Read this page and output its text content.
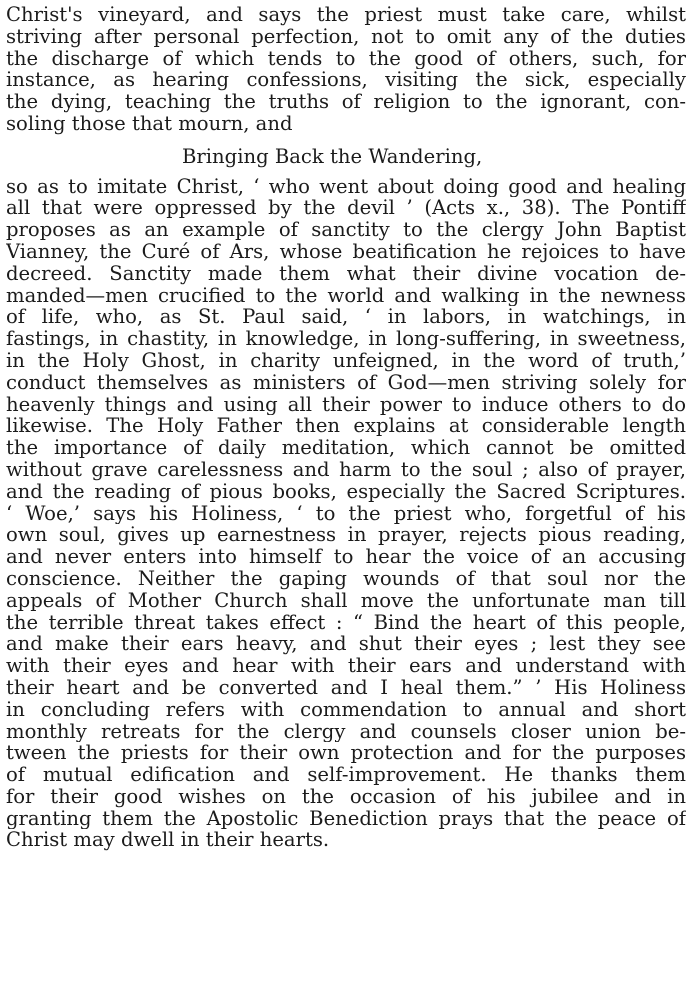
Christ's vineyard, and says the priest must take care, whilst
striving after personal perfection, not to omit any of the duties
the discharge of which tends to the good of others, such, for
instance, as hearing confessions, visiting the sick, especially
the dying, teaching the truths of religion to the ignorant, con-
soling those that mourn, and
Bringing Back the Wandering,
so as to imitate Christ, ‘ who went about doing good and healing
all that were oppressed by the devil ’ (Acts x., 38). The Pontiff
proposes as an example of sanctity to the clergy John Baptist
Vianney, the Curé of Ars, whose beatification he rejoices to have
decreed. Sanctity made them what their divine vocation de-
manded—men crucified to the world and walking in the newness
of life, who, as St. Paul said, ‘ in labors, in watchings, in
fastings, in chastity, in knowledge, in long-suffering, in sweetness,
in the Holy Ghost, in charity unfeigned, in the word of truth,’
conduct themselves as ministers of God—men striving solely for
heavenly things and using all their power to induce others to do
likewise. The Holy Father then explains at considerable length
the importance of daily meditation, which cannot be omitted
without grave carelessness and harm to the soul ; also of prayer,
and the reading of pious books, especially the Sacred Scriptures.
‘ Woe,’ says his Holiness, ‘ to the priest who, forgetful of his
own soul, gives up earnestness in prayer, rejects pious reading,
and never enters into himself to hear the voice of an accusing
conscience. Neither the gaping wounds of that soul nor the
appeals of Mother Church shall move the unfortunate man till
the terrible threat takes effect : “ Bind the heart of this people,
and make their ears heavy, and shut their eyes ; lest they see
with their eyes and hear with their ears and understand with
their heart and be converted and I heal them.” ’ His Holiness
in concluding refers with commendation to annual and short
monthly retreats for the clergy and counsels closer union be-
tween the priests for their own protection and for the purposes
of mutual edification and self-improvement. He thanks them
for their good wishes on the occasion of his jubilee and in
granting them the Apostolic Benediction prays that the peace of
Christ may dwell in their hearts.
